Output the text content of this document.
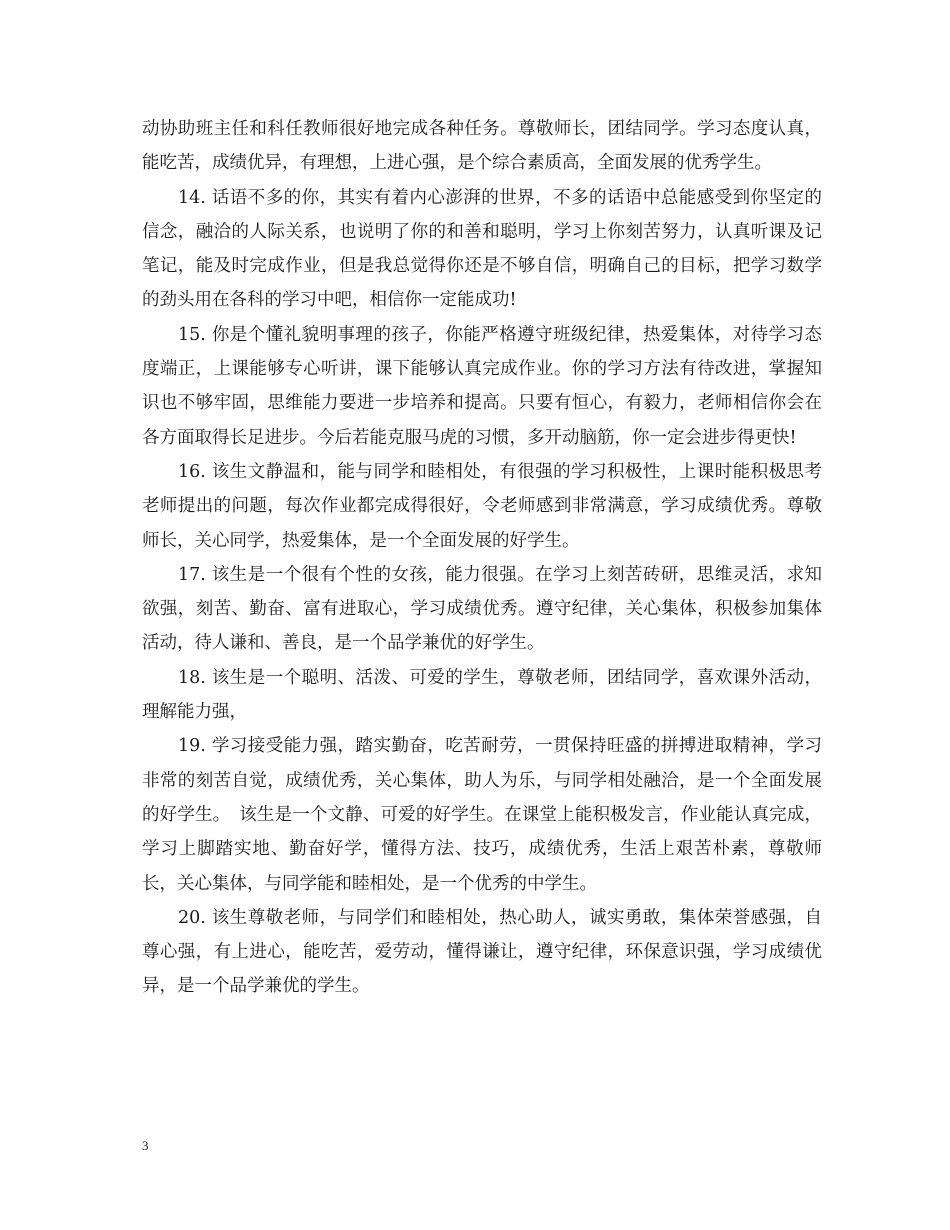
动协助班主任和科任教师很好地完成各种任务。尊敬师长，团结同学。学习态度认真，能吃苦，成绩优异，有理想，上进心强，是个综合素质高，全面发展的优秀学生。

14. 话语不多的你，其实有着内心澎湃的世界，不多的话语中总能感受到你坚定的信念，融洽的人际关系，也说明了你的和善和聪明，学习上你刻苦努力，认真听课及记笔记，能及时完成作业，但是我总觉得你还是不够自信，明确自己的目标，把学习数学的劲头用在各科的学习中吧，相信你一定能成功!

15. 你是个懂礼貌明事理的孩子，你能严格遵守班级纪律，热爱集体，对待学习态度端正，上课能够专心听讲，课下能够认真完成作业。你的学习方法有待改进，掌握知识也不够牢固，思维能力要进一步培养和提高。只要有恒心，有毅力，老师相信你会在各方面取得长足进步。今后若能克服马虎的习惯，多开动脑筋，你一定会进步得更快!

16. 该生文静温和，能与同学和睦相处，有很强的学习积极性，上课时能积极思考老师提出的问题，每次作业都完成得很好，令老师感到非常满意，学习成绩优秀。尊敬师长，关心同学，热爱集体，是一个全面发展的好学生。

17. 该生是一个很有个性的女孩，能力很强。在学习上刻苦砖研，思维灵活，求知欲强，刻苦、勤奋、富有进取心，学习成绩优秀。遵守纪律，关心集体，积极参加集体活动，待人谦和、善良，是一个品学兼优的好学生。

18. 该生是一个聪明、活泼、可爱的学生，尊敬老师，团结同学，喜欢课外活动，理解能力强，

19. 学习接受能力强，踏实勤奋，吃苦耐劳，一贯保持旺盛的拼搏进取精神，学习非常的刻苦自觉，成绩优秀，关心集体，助人为乐，与同学相处融洽，是一个全面发展的好学生。　该生是一个文静、可爱的好学生。在课堂上能积极发言，作业能认真完成，学习上脚踏实地、勤奋好学，懂得方法、技巧，成绩优秀，生活上艰苦朴素，尊敬师长，关心集体，与同学能和睦相处，是一个优秀的中学生。

20. 该生尊敬老师，与同学们和睦相处，热心助人，诚实勇敢，集体荣誉感强，自尊心强，有上进心，能吃苦，爱劳动，懂得谦让，遵守纪律，环保意识强，学习成绩优异，是一个品学兼优的学生。

3
